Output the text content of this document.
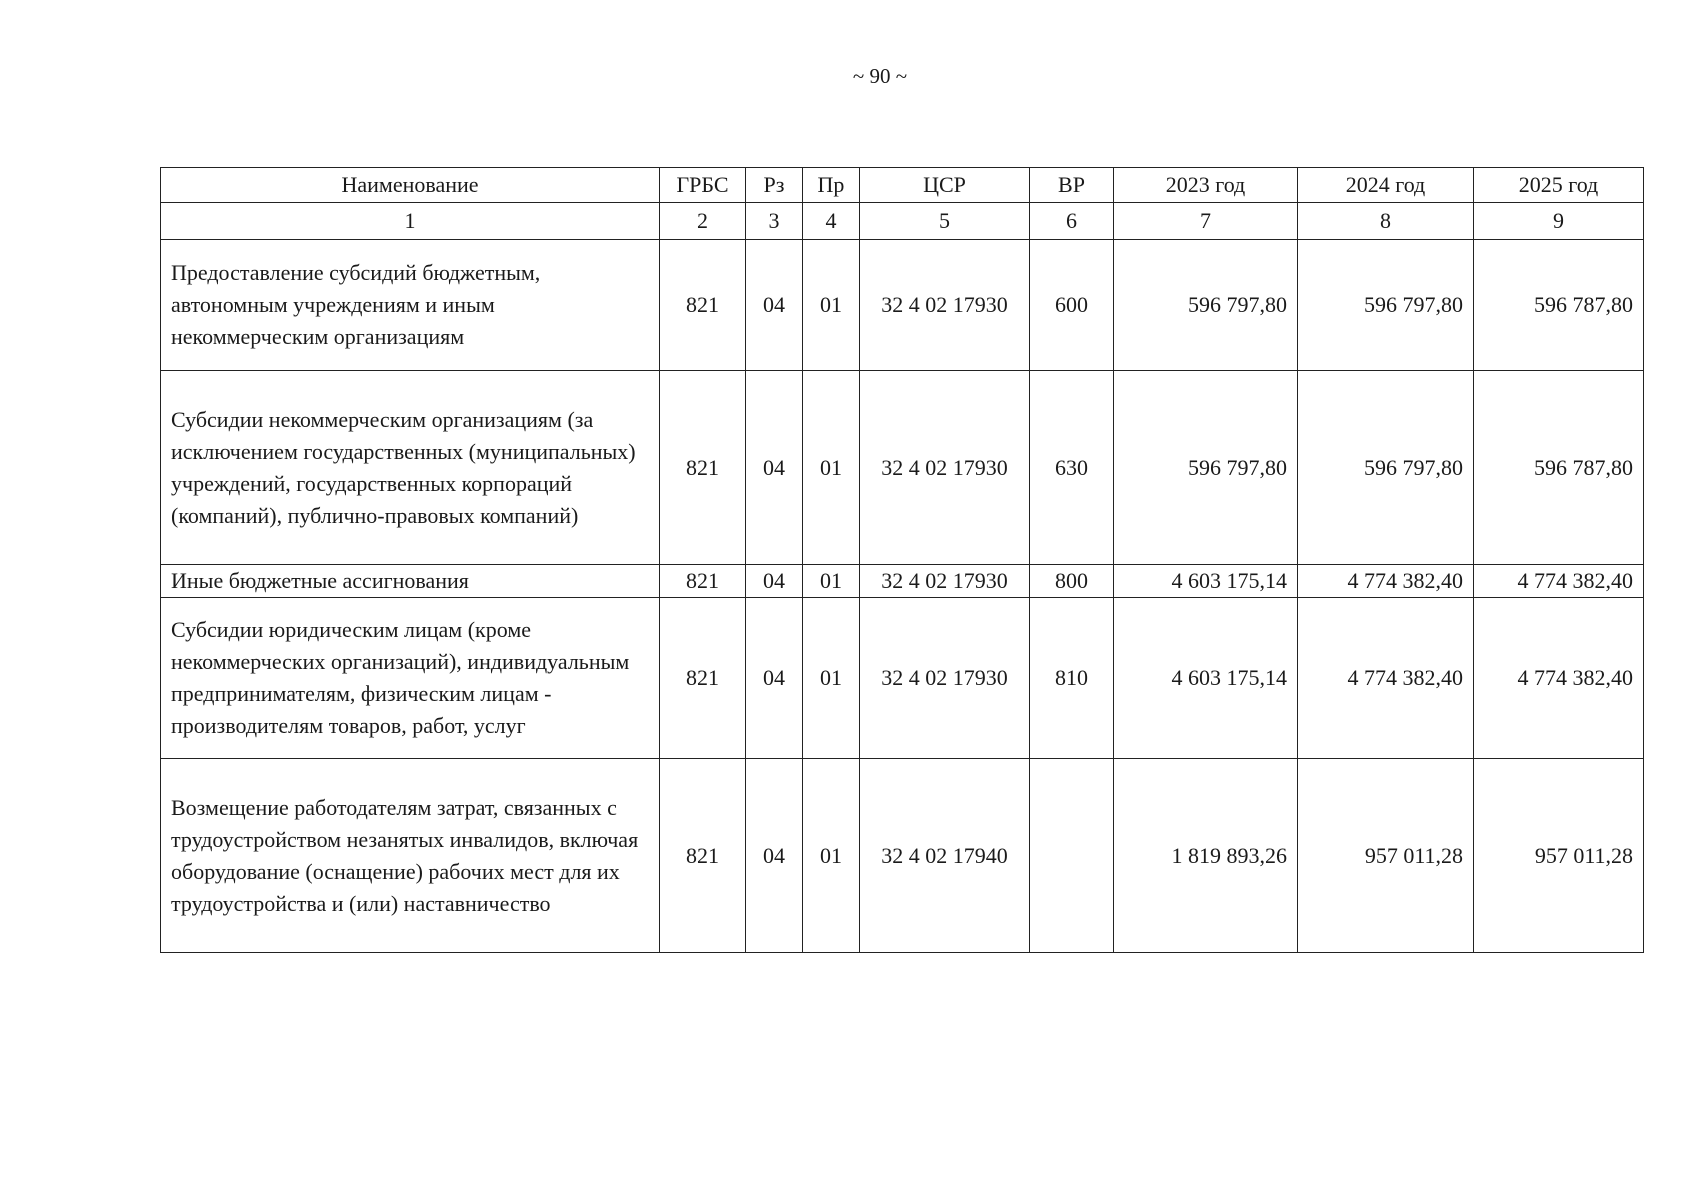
~ 90 ~
Наименование	ГРБС	Рз	Пр	ЦСР	ВР	2023 год	2024 год	2025 год
1	2	3	4	5	6	7	8	9
Предоставление субсидий бюджетным, автономным учреждениям и иным некоммерческим организациям	821	04	01	32 4 02 17930	600	596 797,80	596 797,80	596 787,80
Субсидии некоммерческим организациям (за исключением государственных (муниципальных) учреждений, государственных корпораций (компаний), публично-правовых компаний)	821	04	01	32 4 02 17930	630	596 797,80	596 797,80	596 787,80
Иные бюджетные ассигнования	821	04	01	32 4 02 17930	800	4 603 175,14	4 774 382,40	4 774 382,40
Субсидии юридическим лицам (кроме некоммерческих организаций), индивидуальным предпринимателям, физическим лицам - производителям товаров, работ, услуг	821	04	01	32 4 02 17930	810	4 603 175,14	4 774 382,40	4 774 382,40
Возмещение работодателям затрат, связанных с трудоустройством незанятых инвалидов, включая оборудование (оснащение) рабочих мест для их трудоустройства и (или) наставничество	821	04	01	32 4 02 17940		1 819 893,26	957 011,28	957 011,28
